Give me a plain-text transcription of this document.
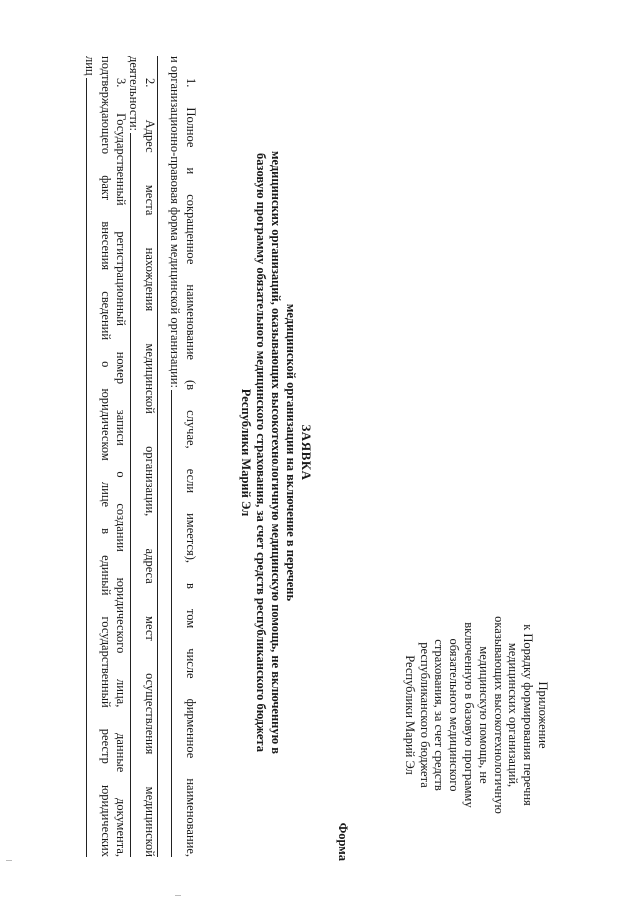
Приложение
к Порядку формирования перечня
медицинских организаций,
оказывающих высокотехнологичную
медицинскую помощь, не
включенную в базовую программу
обязательного медицинского
страхования, за счет средств
республиканского бюджета
Республики Марий Эл
Форма
ЗАЯВКА
медицинской организации на включение в перечень
медицинских организаций, оказывающих высокотехнологичную медицинскую помощь, не включенную в
базовую программу обязательного медицинского страхования, за счет средств республиканского бюджета
Республики Марий Эл
1. Полное и сокращенное наименование (в случае, если имеется), в том числе фирменное наименование,
и организационно-правовая форма медицинской организации:
2. Адрес места нахождения медицинской организации, адреса мест осуществления медицинской
деятельности:
3. Государственный регистрационный номер записи о создании юридического лица, данные документа,
подтверждающего факт внесения сведений о юридическом лице в единый государственный реестр юридических
лиц
